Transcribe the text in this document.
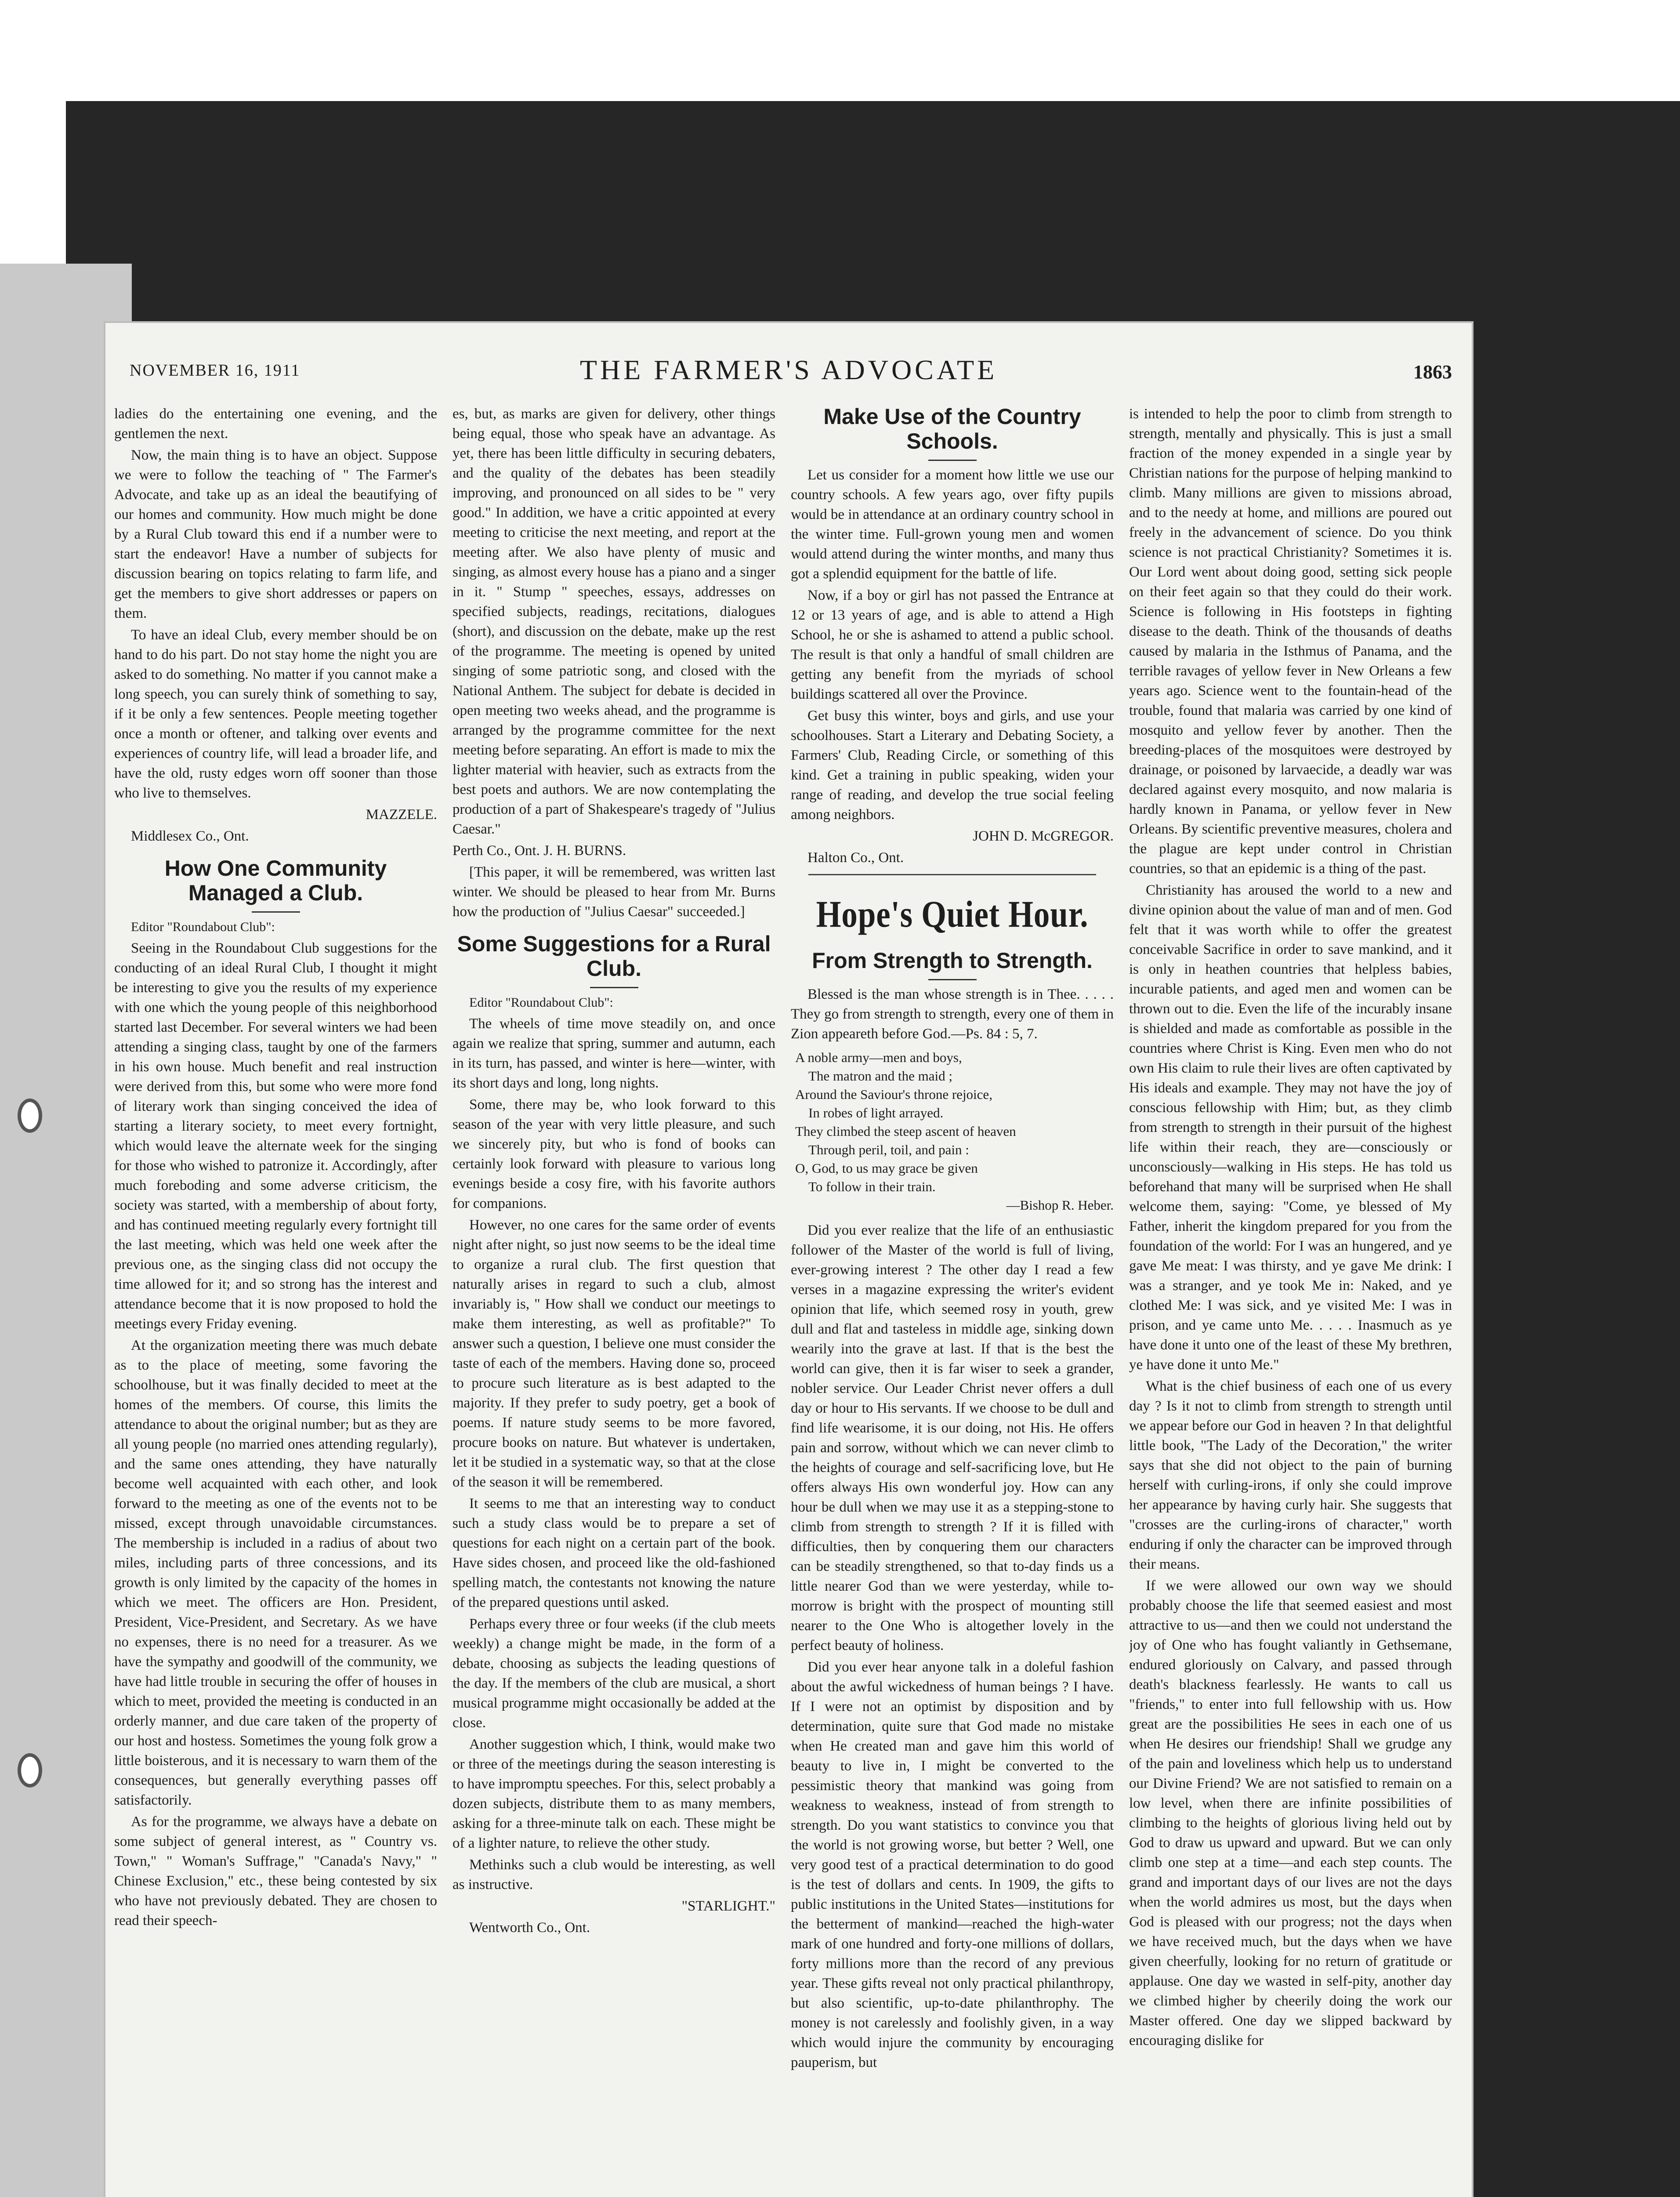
NOVEMBER 16, 1911	THE FARMER'S ADVOCATE	1863

ladies do the entertaining one evening, and the gentlemen the next.

Now, the main thing is to have an object. Suppose we were to follow the teaching of " The Farmer's Advocate, and take up as an ideal the beautifying of our homes and community. How much might be done by a Rural Club toward this end if a number were to start the endeavor! Have a number of subjects for discussion bearing on topics relating to farm life, and get the members to give short addresses or papers on them.

To have an ideal Club, every member should be on hand to do his part. Do not stay home the night you are asked to do something. No matter if you cannot make a long speech, you can surely think of something to say, if it be only a few sentences. People meeting together once a month or oftener, and talking over events and experiences of country life, will lead a broader life, and have the old, rusty edges worn off sooner than those who live to themselves.

MAZZELE.

Middlesex Co., Ont.

How One Community Managed a Club.

Editor "Roundabout Club":

Seeing in the Roundabout Club suggestions for the conducting of an ideal Rural Club, I thought it might be interesting to give you the results of my experience with one which the young people of this neighborhood started last December. For several winters we had been attending a singing class, taught by one of the farmers in his own house. Much benefit and real instruction were derived from this, but some who were more fond of literary work than singing conceived the idea of starting a literary society, to meet every fortnight, which would leave the alternate week for the singing for those who wished to patronize it. Accordingly, after much foreboding and some adverse criticism, the society was started, with a membership of about forty, and has continued meeting regularly every fortnight till the last meeting, which was held one week after the previous one, as the singing class did not occupy the time allowed for it; and so strong has the interest and attendance become that it is now proposed to hold the meetings every Friday evening.

At the organization meeting there was much debate as to the place of meeting, some favoring the schoolhouse, but it was finally decided to meet at the homes of the members. Of course, this limits the attendance to about the original number; but as they are all young people (no married ones attending regularly), and the same ones attending, they have naturally become well acquainted with each other, and look forward to the meeting as one of the events not to be missed, except through unavoidable circumstances. The membership is included in a radius of about two miles, including parts of three concessions, and its growth is only limited by the capacity of the homes in which we meet. The officers are Hon. President, President, Vice-President, and Secretary. As we have no expenses, there is no need for a treasurer. As we have the sympathy and goodwill of the community, we have had little trouble in securing the offer of houses in which to meet, provided the meeting is conducted in an orderly manner, and due care taken of the property of our host and hostess. Sometimes the young folk grow a little boisterous, and it is necessary to warn them of the consequences, but generally everything passes off satisfactorily.

As for the programme, we always have a debate on some subject of general interest, as " Country vs. Town," " Woman's Suffrage," "Canada's Navy," " Chinese Exclusion," etc., these being contested by six who have not previously debated. They are chosen to read their speech-

es, but, as marks are given for delivery, other things being equal, those who speak have an advantage. As yet, there has been little difficulty in securing debaters, and the quality of the debates has been steadily improving, and pronounced on all sides to be " very good." In addition, we have a critic appointed at every meeting to criticise the next meeting, and report at the meeting after. We also have plenty of music and singing, as almost every house has a piano and a singer in it. " Stump " speeches, essays, addresses on specified subjects, readings, recitations, dialogues (short), and discussion on the debate, make up the rest of the programme. The meeting is opened by united singing of some patriotic song, and closed with the National Anthem. The subject for debate is decided in open meeting two weeks ahead, and the programme is arranged by the programme committee for the next meeting before separating. An effort is made to mix the lighter material with heavier, such as extracts from the best poets and authors. We are now contemplating the production of a part of Shakespeare's tragedy of "Julius Caesar."

Perth Co., Ont. J. H. BURNS.

[This paper, it will be remembered, was written last winter. We should be pleased to hear from Mr. Burns how the production of "Julius Caesar" succeeded.]

Some Suggestions for a Rural Club.

Editor "Roundabout Club":

The wheels of time move steadily on, and once again we realize that spring, summer and autumn, each in its turn, has passed, and winter is here—winter, with its short days and long, long nights.

Some, there may be, who look forward to this season of the year with very little pleasure, and such we sincerely pity, but who is fond of books can certainly look forward with pleasure to various long evenings beside a cosy fire, with his favorite authors for companions.

However, no one cares for the same order of events night after night, so just now seems to be the ideal time to organize a rural club. The first question that naturally arises in regard to such a club, almost invariably is, " How shall we conduct our meetings to make them interesting, as well as profitable?" To answer such a question, I believe one must consider the taste of each of the members. Having done so, proceed to procure such literature as is best adapted to the majority. If they prefer to sudy poetry, get a book of poems. If nature study seems to be more favored, procure books on nature. But whatever is undertaken, let it be studied in a systematic way, so that at the close of the season it will be remembered.

It seems to me that an interesting way to conduct such a study class would be to prepare a set of questions for each night on a certain part of the book. Have sides chosen, and proceed like the old-fashioned spelling match, the contestants not knowing the nature of the prepared questions until asked.

Perhaps every three or four weeks (if the club meets weekly) a change might be made, in the form of a debate, choosing as subjects the leading questions of the day. If the members of the club are musical, a short musical programme might occasionally be added at the close.

Another suggestion which, I think, would make two or three of the meetings during the season interesting is to have impromptu speeches. For this, select probably a dozen subjects, distribute them to as many members, asking for a three-minute talk on each. These might be of a lighter nature, to relieve the other study.

Methinks such a club would be interesting, as well as instructive.

"STARLIGHT."

Wentworth Co., Ont.

Make Use of the Country Schools.

Let us consider for a moment how little we use our country schools. A few years ago, over fifty pupils would be in attendance at an ordinary country school in the winter time. Full-grown young men and women would attend during the winter months, and many thus got a splendid equipment for the battle of life.

Now, if a boy or girl has not passed the Entrance at 12 or 13 years of age, and is able to attend a High School, he or she is ashamed to attend a public school. The result is that only a handful of small children are getting any benefit from the myriads of school buildings scattered all over the Province.

Get busy this winter, boys and girls, and use your schoolhouses. Start a Literary and Debating Society, a Farmers' Club, Reading Circle, or something of this kind. Get a training in public speaking, widen your range of reading, and develop the true social feeling among neighbors.

JOHN D. McGREGOR.

Halton Co., Ont.

Hope's Quiet Hour.
From Strength to Strength.

Blessed is the man whose strength is in Thee. . . . . They go from strength to strength, every one of them in Zion appeareth before God.—Ps. 84 : 5, 7.

A noble army—men and boys,
The matron and the maid ;
Around the Saviour's throne rejoice,
In robes of light arrayed.
They climbed the steep ascent of heaven
Through peril, toil, and pain :
O, God, to us may grace be given
To follow in their train.
—Bishop R. Heber.

Did you ever realize that the life of an enthusiastic follower of the Master of the world is full of living, ever-growing interest ? The other day I read a few verses in a magazine expressing the writer's evident opinion that life, which seemed rosy in youth, grew dull and flat and tasteless in middle age, sinking down wearily into the grave at last. If that is the best the world can give, then it is far wiser to seek a grander, nobler service. Our Leader Christ never offers a dull day or hour to His servants. If we choose to be dull and find life wearisome, it is our doing, not His. He offers pain and sorrow, without which we can never climb to the heights of courage and self-sacrificing love, but He offers always His own wonderful joy. How can any hour be dull when we may use it as a stepping-stone to climb from strength to strength ? If it is filled with difficulties, then by conquering them our characters can be steadily strengthened, so that to-day finds us a little nearer God than we were yesterday, while to-morrow is bright with the prospect of mounting still nearer to the One Who is altogether lovely in the perfect beauty of holiness.

Did you ever hear anyone talk in a doleful fashion about the awful wickedness of human beings ? I have. If I were not an optimist by disposition and by determination, quite sure that God made no mistake when He created man and gave him this world of beauty to live in, I might be converted to the pessimistic theory that mankind was going from weakness to weakness, instead of from strength to strength. Do you want statistics to convince you that the world is not growing worse, but better ? Well, one very good test of a practical determination to do good is the test of dollars and cents. In 1909, the gifts to public institutions in the United States—institutions for the betterment of mankind—reached the high-water mark of one hundred and forty-one millions of dollars, forty millions more than the record of any previous year. These gifts reveal not only practical philanthropy, but also scientific, up-to-date philanthrophy. The money is not carelessly and foolishly given, in a way which would injure the community by encouraging pauperism, but

is intended to help the poor to climb from strength to strength, mentally and physically. This is just a small fraction of the money expended in a single year by Christian nations for the purpose of helping mankind to climb. Many millions are given to missions abroad, and to the needy at home, and millions are poured out freely in the advancement of science. Do you think science is not practical Christianity? Sometimes it is. Our Lord went about doing good, setting sick people on their feet again so that they could do their work. Science is following in His footsteps in fighting disease to the death. Think of the thousands of deaths caused by malaria in the Isthmus of Panama, and the terrible ravages of yellow fever in New Orleans a few years ago. Science went to the fountain-head of the trouble, found that malaria was carried by one kind of mosquito and yellow fever by another. Then the breeding-places of the mosquitoes were destroyed by drainage, or poisoned by larvaecide, a deadly war was declared against every mosquito, and now malaria is hardly known in Panama, or yellow fever in New Orleans. By scientific preventive measures, cholera and the plague are kept under control in Christian countries, so that an epidemic is a thing of the past.

Christianity has aroused the world to a new and divine opinion about the value of man and of men. God felt that it was worth while to offer the greatest conceivable Sacrifice in order to save mankind, and it is only in heathen countries that helpless babies, incurable patients, and aged men and women can be thrown out to die. Even the life of the incurably insane is shielded and made as comfortable as possible in the countries where Christ is King. Even men who do not own His claim to rule their lives are often captivated by His ideals and example. They may not have the joy of conscious fellowship with Him; but, as they climb from strength to strength in their pursuit of the highest life within their reach, they are—consciously or unconsciously—walking in His steps. He has told us beforehand that many will be surprised when He shall welcome them, saying: "Come, ye blessed of My Father, inherit the kingdom prepared for you from the foundation of the world: For I was an hungered, and ye gave Me meat: I was thirsty, and ye gave Me drink: I was a stranger, and ye took Me in: Naked, and ye clothed Me: I was sick, and ye visited Me: I was in prison, and ye came unto Me. . . . . Inasmuch as ye have done it unto one of the least of these My brethren, ye have done it unto Me."

What is the chief business of each one of us every day ? Is it not to climb from strength to strength until we appear before our God in heaven ? In that delightful little book, "The Lady of the Decoration," the writer says that she did not object to the pain of burning herself with curling-irons, if only she could improve her appearance by having curly hair. She suggests that "crosses are the curling-irons of character," worth enduring if only the character can be improved through their means.

If we were allowed our own way we should probably choose the life that seemed easiest and most attractive to us—and then we could not understand the joy of One who has fought valiantly in Gethsemane, endured gloriously on Calvary, and passed through death's blackness fearlessly. He wants to call us "friends," to enter into full fellowship with us. How great are the possibilities He sees in each one of us when He desires our friendship! Shall we grudge any of the pain and loveliness which help us to understand our Divine Friend? We are not satisfied to remain on a low level, when there are infinite possibilities of climbing to the heights of glorious living held out by God to draw us upward and upward. But we can only climb one step at a time—and each step counts. The grand and important days of our lives are not the days when the world admires us most, but the days when God is pleased with our progress; not the days when we have received much, but the days when we have given cheerfully, looking for no return of gratitude or applause. One day we wasted in self-pity, another day we climbed higher by cheerily doing the work our Master offered. One day we slipped backward by encouraging dislike for
